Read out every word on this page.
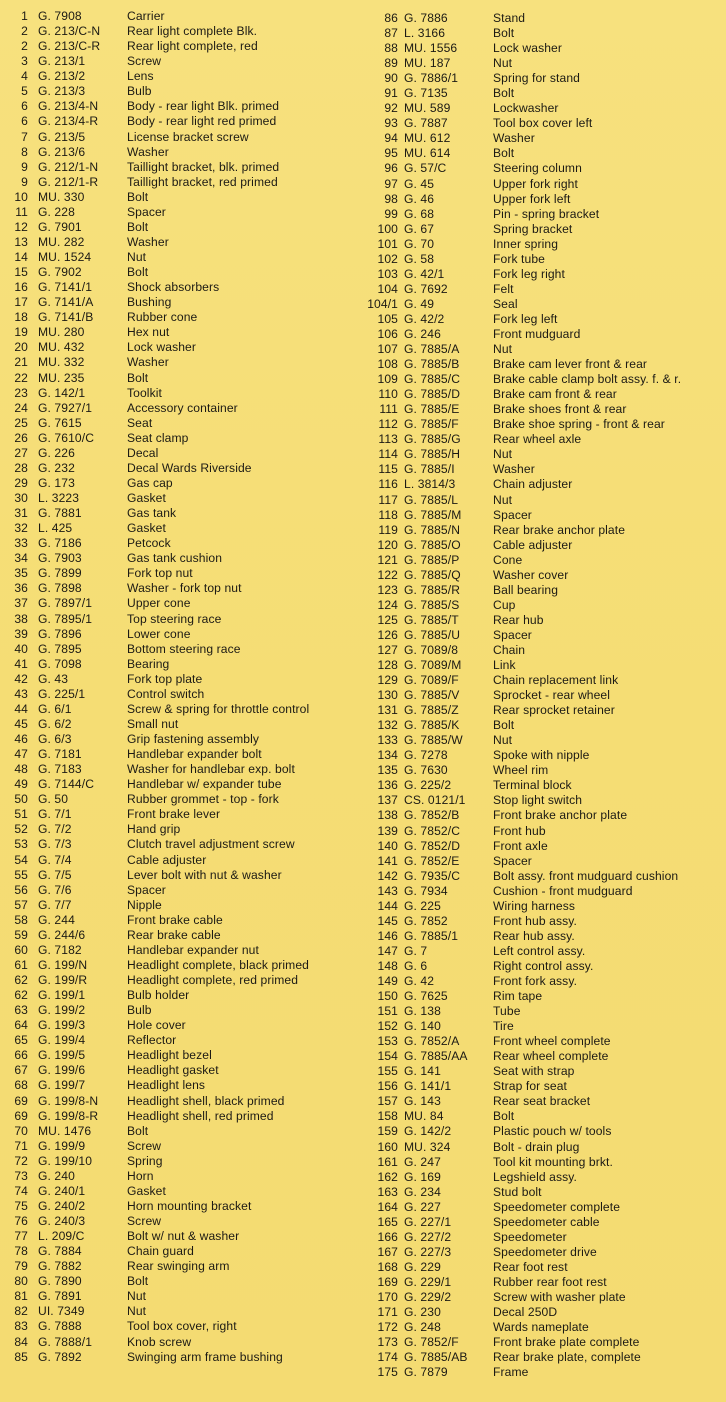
1 G. 7908	Carrier
2 G. 213/C-N Rear light complete Blk.
2 G. 213/C-R Rear light complete, red
3 G. 213/1	Screw
4 G. 213/2	Lens
5 G. 213/3	Bulb
6 G. 213/4-N Body - rear light Blk. primed
6 G. 213/4-R Body - rear light red primed
7 G. 213/5	License bracket screw
8 G. 213/6	Washer
9 G. 212/1-N Taillight bracket, blk. primed
9 G. 212/1-R Taillight bracket, red primed
10 MU. 330	Bolt
11 G. 228	Spacer
12 G. 7901	Bolt
13 MU. 282	Washer
14 MU. 1524	Nut
15 G. 7902	Bolt
16 G. 7141/1	Shock absorbers
17 G. 7141/A	Bushing
18 G. 7141/B	Rubber cone
19 MU. 280	Hex nut
20 MU. 432	Lock washer
21 MU. 332	Washer
22 MU. 235	Bolt
23 G. 142/1	Toolkit
24 G. 7927/1	Accessory container
25 G. 7615	Seat
26 G. 7610/C	Seat clamp
27 G. 226	Decal
28 G. 232	Decal Wards Riverside
29 G. 173	Gas cap
30 L. 3223	Gasket
31 G. 7881	Gas tank
32 L. 425	Gasket
33 G. 7186	Petcock
34 G. 7903	Gas tank cushion
35 G. 7899	Fork top nut
36 G. 7898	Washer - fork top nut
37 G. 7897/1	Upper cone
38 G. 7895/1	Top steering race
39 G. 7896	Lower cone
40 G. 7895	Bottom steering race
41 G. 7098	Bearing
42 G. 43	Fork top plate
43 G. 225/1	Control switch
44 G. 6/1	Screw & spring for throttle control
45 G. 6/2	Small nut
46 G. 6/3	Grip fastening assembly
47 G. 7181	Handlebar expander bolt
48 G. 7183	Washer for handlebar exp. bolt
49 G. 7144/C	Handlebar w/ expander tube
50 G. 50	Rubber grommet - top - fork
51 G. 7/1	Front brake lever
52 G. 7/2	Hand grip
53 G. 7/3	Clutch travel adjustment screw
54 G. 7/4	Cable adjuster
55 G. 7/5	Lever bolt with nut & washer
56 G. 7/6	Spacer
57 G. 7/7	Nipple
58 G. 244	Front brake cable
59 G. 244/6	Rear brake cable
60 G. 7182	Handlebar expander nut
61 G. 199/N	Headlight complete, black primed
62 G. 199/R	Headlight complete, red primed
62 G. 199/1	Bulb holder
63 G. 199/2	Bulb
64 G. 199/3	Hole cover
65 G. 199/4	Reflector
66 G. 199/5	Headlight bezel
67 G. 199/6	Headlight gasket
68 G. 199/7	Headlight lens
69 G. 199/8-N Headlight shell, black primed
69 G. 199/8-R Headlight shell, red primed
70 MU. 1476	Bolt
71 G. 199/9	Screw
72 G. 199/10	Spring
73 G. 240	Horn
74 G. 240/1	Gasket
75 G. 240/2	Horn mounting bracket
76 G. 240/3	Screw
77 L. 209/C	Bolt w/ nut & washer
78 G. 7884	Chain guard
79 G. 7882	Rear swinging arm
80 G. 7890	Bolt
81 G. 7891	Nut
82 UI. 7349	Nut
83 G. 7888	Tool box cover, right
84 G. 7888/1	Knob screw
85 G. 7892	Swinging arm frame bushing
86 G. 7886	Stand
87 L. 3166	Bolt
88 MU. 1556	Lock washer
89 MU. 187	Nut
90 G. 7886/1	Spring for stand
91 G. 7135	Bolt
92 MU. 589	Lockwasher
93 G. 7887	Tool box cover left
94 MU. 612	Washer
95 MU. 614	Bolt
96 G. 57/C	Steering column
97 G. 45	Upper fork right
98 G. 46	Upper fork left
99 G. 68	Pin - spring bracket
100 G. 67	Spring bracket
101 G. 70	Inner spring
102 G. 58	Fork tube
103 G. 42/1	Fork leg right
104 G. 7692	Felt
104/1 G. 49	Seal
105 G. 42/2	Fork leg left
106 G. 246	Front mudguard
107 G. 7885/A	Nut
108 G. 7885/B	Brake cam lever front & rear
109 G. 7885/C	Brake cable clamp bolt assy. f. & r.
110 G. 7885/D	Brake cam front & rear
111 G. 7885/E	Brake shoes front & rear
112 G. 7885/F	Brake shoe spring - front & rear
113 G. 7885/G	Rear wheel axle
114 G. 7885/H	Nut
115 G. 7885/I	Washer
116 L. 3814/3	Chain adjuster
117 G. 7885/L	Nut
118 G. 7885/M	Spacer
119 G. 7885/N	Rear brake anchor plate
120 G. 7885/O	Cable adjuster
121 G. 7885/P	Cone
122 G. 7885/Q	Washer cover
123 G. 7885/R	Ball bearing
124 G. 7885/S	Cup
125 G. 7885/T	Rear hub
126 G. 7885/U	Spacer
127 G. 7089/8	Chain
128 G. 7089/M	Link
129 G. 7089/F	Chain replacement link
130 G. 7885/V	Sprocket - rear wheel
131 G. 7885/Z	Rear sprocket retainer
132 G. 7885/K	Bolt
133 G. 7885/W	Nut
134 G. 7278	Spoke with nipple
135 G. 7630	Wheel rim
136 G. 225/2	Terminal block
137 CS. 0121/1 Stop light switch
138 G. 7852/B	Front brake anchor plate
139 G. 7852/C	Front hub
140 G. 7852/D	Front axle
141 G. 7852/E	Spacer
142 G. 7935/C	Bolt assy. front mudguard cushion
143 G. 7934	Cushion - front mudguard
144 G. 225	Wiring harness
145 G. 7852	Front hub assy.
146 G. 7885/1	Rear hub assy.
147 G. 7	Left control assy.
148 G. 6	Right control assy.
149 G. 42	Front fork assy.
150 G. 7625	Rim tape
151 G. 138	Tube
152 G. 140	Tire
153 G. 7852/A	Front wheel complete
154 G. 7885/AA Rear wheel complete
155 G. 141	Seat with strap
156 G. 141/1	Strap for seat
157 G. 143	Rear seat bracket
158 MU. 84	Bolt
159 G. 142/2	Plastic pouch w/ tools
160 MU. 324	Bolt - drain plug
161 G. 247	Tool kit mounting brkt.
162 G. 169	Legshield assy.
163 G. 234	Stud bolt
164 G. 227	Speedometer complete
165 G. 227/1	Speedometer cable
166 G. 227/2	Speedometer
167 G. 227/3	Speedometer drive
168 G. 229	Rear foot rest
169 G. 229/1	Rubber rear foot rest
170 G. 229/2	Screw with washer plate
171 G. 230	Decal 250D
172 G. 248	Wards nameplate
173 G. 7852/F	Front brake plate complete
174 G. 7885/AB Rear brake plate, complete
175 G. 7879	Frame
